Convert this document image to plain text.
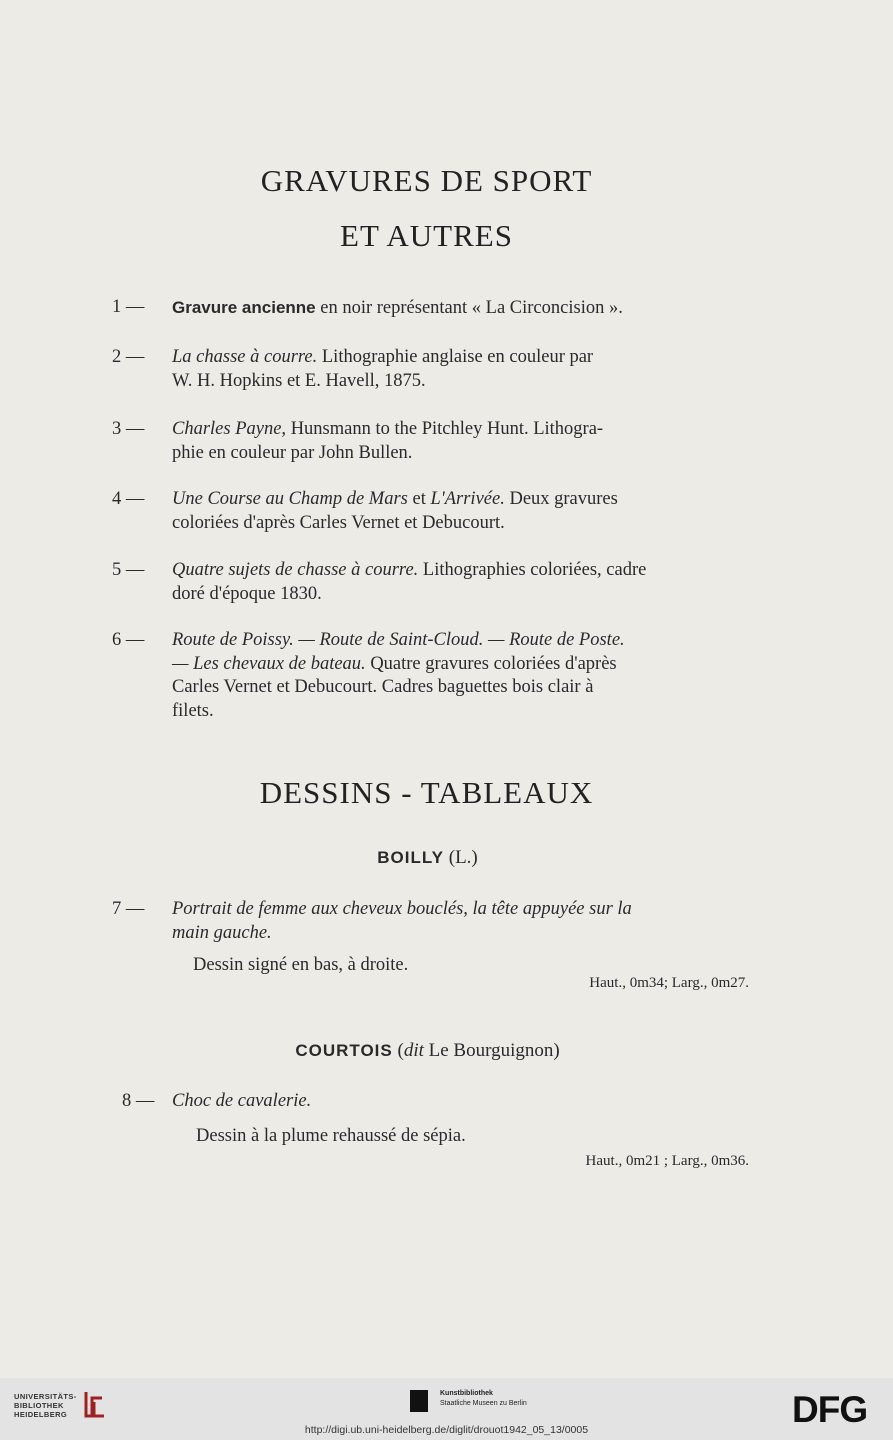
GRAVURES DE SPORT
ET AUTRES
1 —	Gravure ancienne en noir représentant « La Circoncision ».
2 —	La chasse à courre. Lithographie anglaise en couleur par
W. H. Hopkins et E. Havell, 1875.
3 —	Charles Payne, Hunsmann to the Pitchley Hunt. Lithogra-
phie en couleur par John Bullen.
4 —	Une Course au Champ de Mars et L'Arrivée. Deux gravures
coloriées d'après Carles Vernet et Debucourt.
5 —	Quatre sujets de chasse à courre. Lithographies coloriées, cadre
doré d'époque 1830.
6 —	Route de Poissy. — Route de Saint-Cloud. — Route de Poste.
— Les chevaux de bateau. Quatre gravures coloriées d'après
Carles Vernet et Debucourt. Cadres baguettes bois clair à
filets.
DESSINS - TABLEAUX
BOILLY (L.)
7 —	Portrait de femme aux cheveux bouclés, la tête appuyée sur la
main gauche.
Dessin signé en bas, à droite.
Haut., 0m34; Larg., 0m27.
COURTOIS (dit Le Bourguignon)
8 — Choc de cavalerie.
Dessin à la plume rehaussé de sépia.
Haut., 0m21 ; Larg., 0m36.
UNIVERSITÄTS-
BIBLIOTHEK
HEIDELBERG
Kunstbibliothek
Staatliche Museen zu Berlin	DFG
http://digi.ub.uni-heidelberg.de/diglit/drouot1942_05_13/0005
